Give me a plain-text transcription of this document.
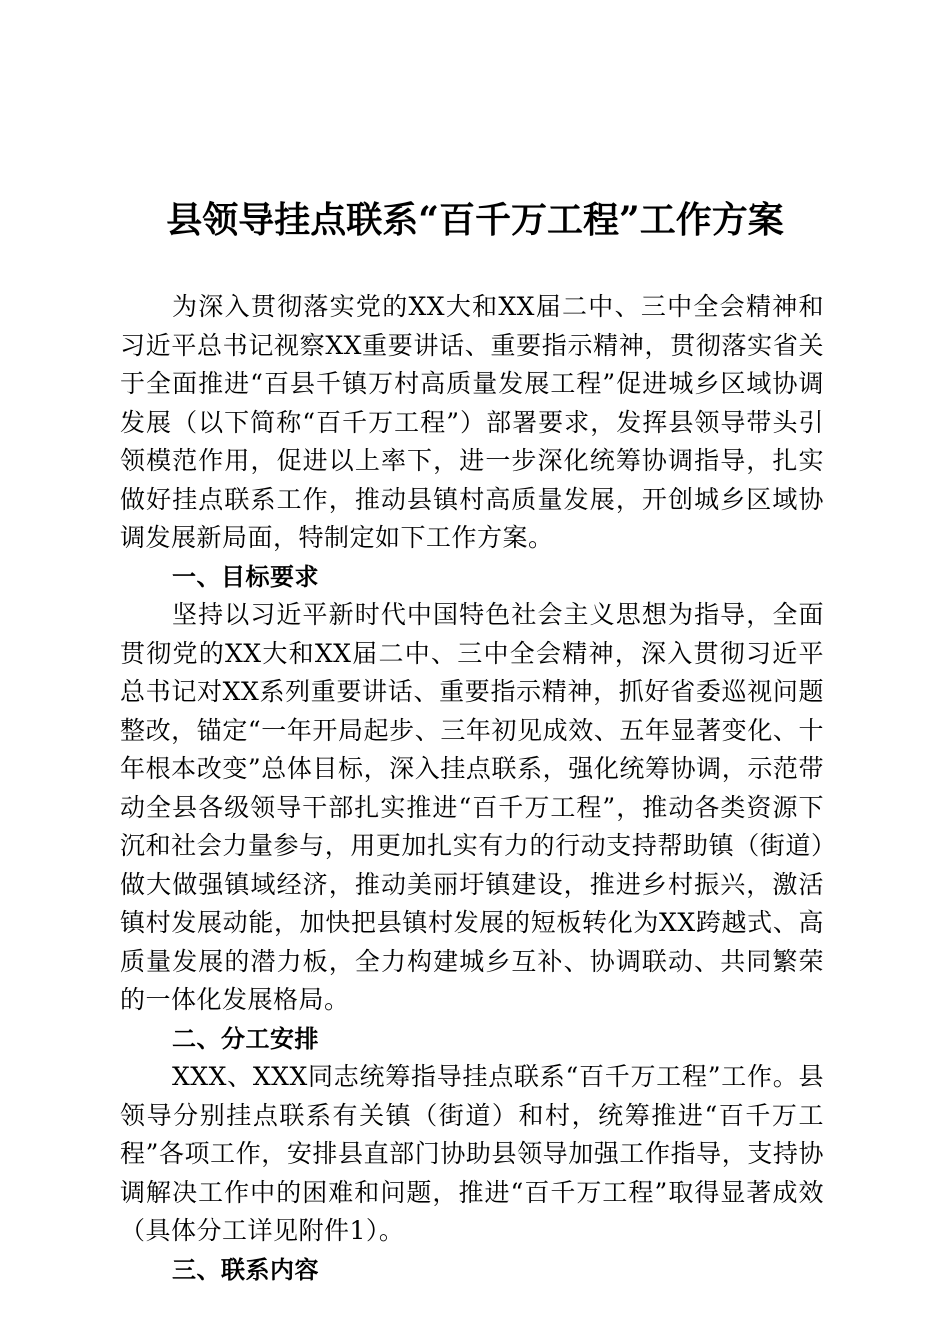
县领导挂点联系“百千万工程”工作方案

为深入贯彻落实党的XX大和XX届二中、三中全会精神和习近平总书记视察XX重要讲话、重要指示精神，贯彻落实省关于全面推进“百县千镇万村高质量发展工程”促进城乡区域协调发展（以下简称“百千万工程”）部署要求，发挥县领导带头引领模范作用，促进以上率下，进一步深化统筹协调指导，扎实做好挂点联系工作，推动县镇村高质量发展，开创城乡区域协调发展新局面，特制定如下工作方案。

一、目标要求

坚持以习近平新时代中国特色社会主义思想为指导，全面贯彻党的XX大和XX届二中、三中全会精神，深入贯彻习近平总书记对XX系列重要讲话、重要指示精神，抓好省委巡视问题整改，锚定“一年开局起步、三年初见成效、五年显著变化、十年根本改变”总体目标，深入挂点联系，强化统筹协调，示范带动全县各级领导干部扎实推进“百千万工程”，推动各类资源下沉和社会力量参与，用更加扎实有力的行动支持帮助镇（街道）做大做强镇域经济，推动美丽圩镇建设，推进乡村振兴，激活镇村发展动能，加快把县镇村发展的短板转化为XX跨越式、高质量发展的潜力板，全力构建城乡互补、协调联动、共同繁荣的一体化发展格局。

二、分工安排

XXX、XXX同志统筹指导挂点联系“百千万工程”工作。县领导分别挂点联系有关镇（街道）和村，统筹推进“百千万工程”各项工作，安排县直部门协助县领导加强工作指导，支持协调解决工作中的困难和问题，推进“百千万工程”取得显著成效（具体分工详见附件1）。

三、联系内容
